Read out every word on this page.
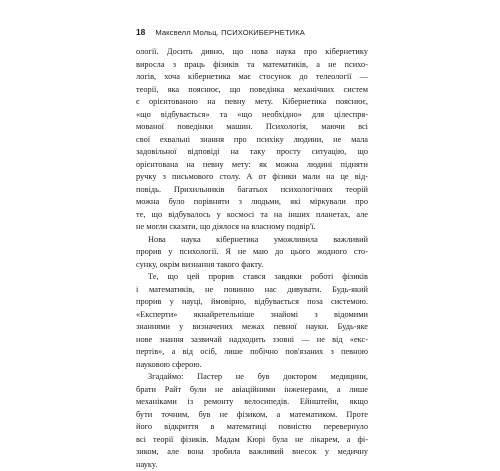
18 Максвелл Мольц. ПСИХОКИБЕРНЕТИКА
ології. Досить дивно, що нова наука про кібернетику
виросла з праць фізиків та математиків, а не психо-
логів, хоча кібернетика має стосунок до телеології —
теорії, яка пояснює, що поведінка механічних систем
є орієнтованою на певну мету. Кібернетика пояснює,
«що відбувається» та «що необхідно» для цілеспря-
мованої поведінки машин. Психологія, маючи всі
свої ехвальні знання про психіку людини, не мала
задовільної відповіді на таку просту ситуацію, що
орієнтована на певну мету: як можна людині підняти
ручку з письмового столу. А от фізики мали на це від-
повідь. Прихильників багатьох психологічних теорій
можна було порівняти з людьми, які міркували про
те, що відбувалось у космосі та на інших планетах, але
не могли сказати, що діялося на власному подвір'ї.
Нова наука кібернетика уможливила важливий
прорив у психології. Я не маю до цього жодного сто-
сунку, окрім визнання такого факту.
Те, що цей прорив стався завдяки роботі фізиків
і математиків, не повинно нас дивувати. Будь-який
прорив у науці, ймовірно, відбувається поза системою.
«Експерти» якнайретельніше знайомі з відомими
знаннями у визначених межах певної науки. Будь-яке
нове знання зазвичай надходить ззовні — не від «екс-
пертів», а від осіб, лише побічно пов'язаних з певною
науковою сферою.
Згадаймо: Пастер не був доктором медицини,
брати Райт були не авіаційними інженерами, а лише
механіками із ремонту велосипедів. Ейнштейн, якщо
бути точним, був не фізиком, а математиком. Проте
його відкриття в математиці повністю перевернуло
всі теорії фізиків. Мадам Кюрі була не лікарем, а фі-
зиком, але вона зробила важливий внесок у медичну
науку.
